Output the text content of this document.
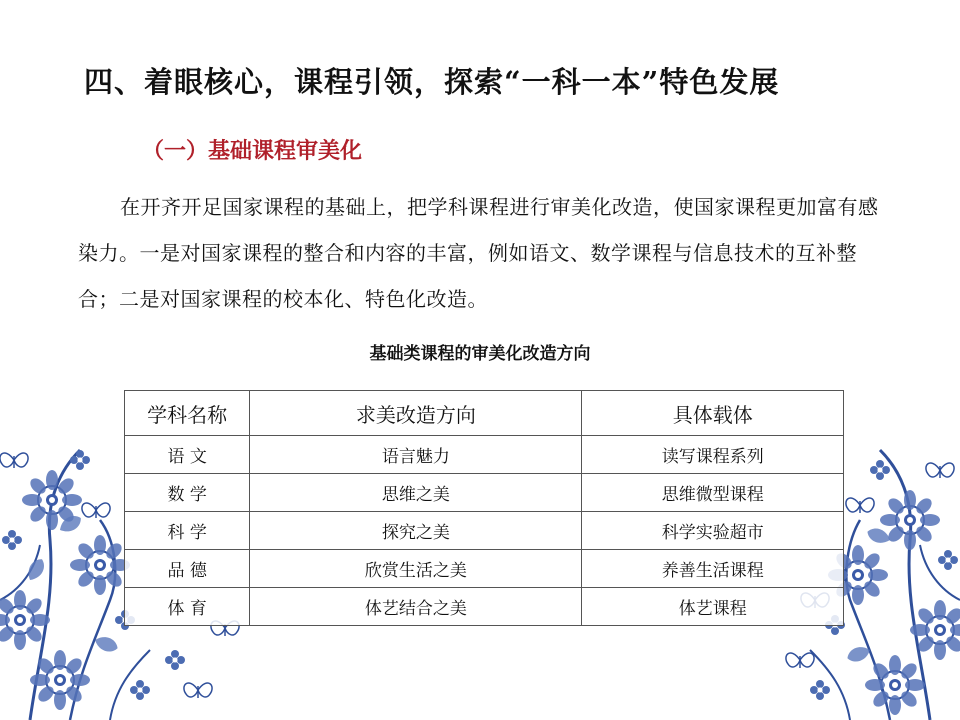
四、着眼核心，课程引领，探索“一科一本”特色发展
（一）基础课程审美化
在开齐开足国家课程的基础上，把学科课程进行审美化改造，使国家课程更加富有感染力。一是对国家课程的整合和内容的丰富，例如语文、数学课程与信息技术的互补整合；二是对国家课程的校本化、特色化改造。
基础类课程的审美化改造方向
学科名称	求美改造方向	具体载体
语 文	语言魅力	读写课程系列
数 学	思维之美	思维微型课程
科 学	探究之美	科学实验超市
品 德	欣赏生活之美	养善生活课程
体 育	体艺结合之美	体艺课程
